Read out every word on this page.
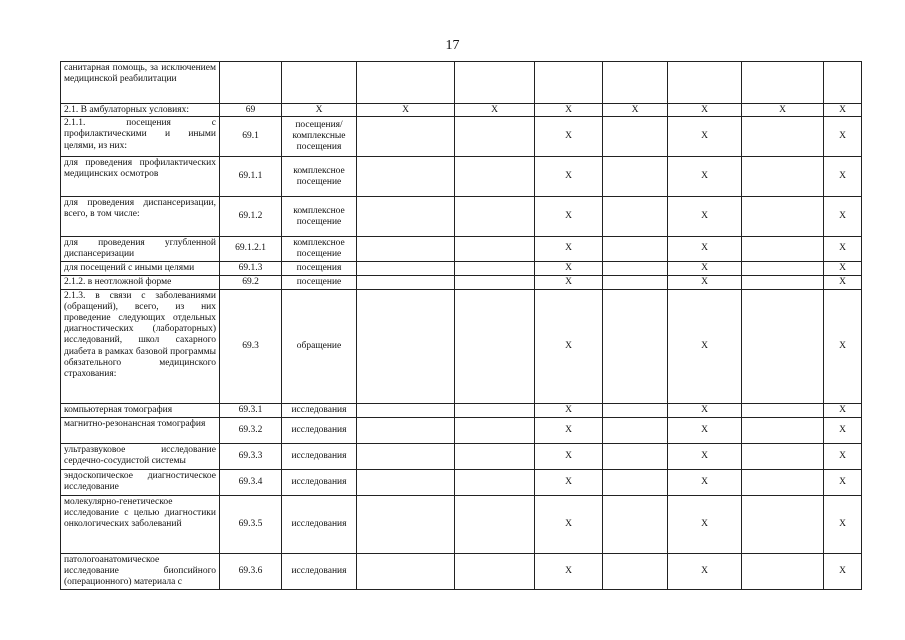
17
санитарная помощь, за исключением медицинской реабилитации									
2.1. В амбулаторных условиях:	69	Х	Х	Х	Х	Х	Х	Х	Х
2.1.1. посещения с профилактическими и иными целями, из них:	69.1	посещения/комплексные посещения			Х		Х		Х
для проведения профилактических медицинских осмотров	69.1.1	комплексное посещение			Х		Х		Х
для проведения диспансеризации, всего, в том числе:	69.1.2	комплексное посещение			Х		Х		Х
для проведения углубленной диспансеризации	69.1.2.1	комплексное посещение			Х		Х		Х
для посещений с иными целями	69.1.3	посещения			Х		Х		Х
2.1.2. в неотложной форме	69.2	посещение			Х		Х		Х
2.1.3. в связи с заболеваниями (обращений), всего, из них проведение следующих отдельных диагностических (лабораторных) исследований, школ сахарного диабета в рамках базовой программы обязательного медицинского страхования:	69.3	обращение			Х		Х		Х
компьютерная томография	69.3.1	исследования			Х		Х		Х
магнитно-резонансная томография	69.3.2	исследования			Х		Х		Х
ультразвуковое исследование сердечно-сосудистой системы	69.3.3	исследования			Х		Х		Х
эндоскопическое диагностическое исследование	69.3.4	исследования			Х		Х		Х
молекулярно-генетическое исследование с целью диагностики онкологических заболеваний	69.3.5	исследования			Х		Х		Х
патологоанатомическое исследование биопсийного (операционного) материала с	69.3.6	исследования			Х		Х		Х
